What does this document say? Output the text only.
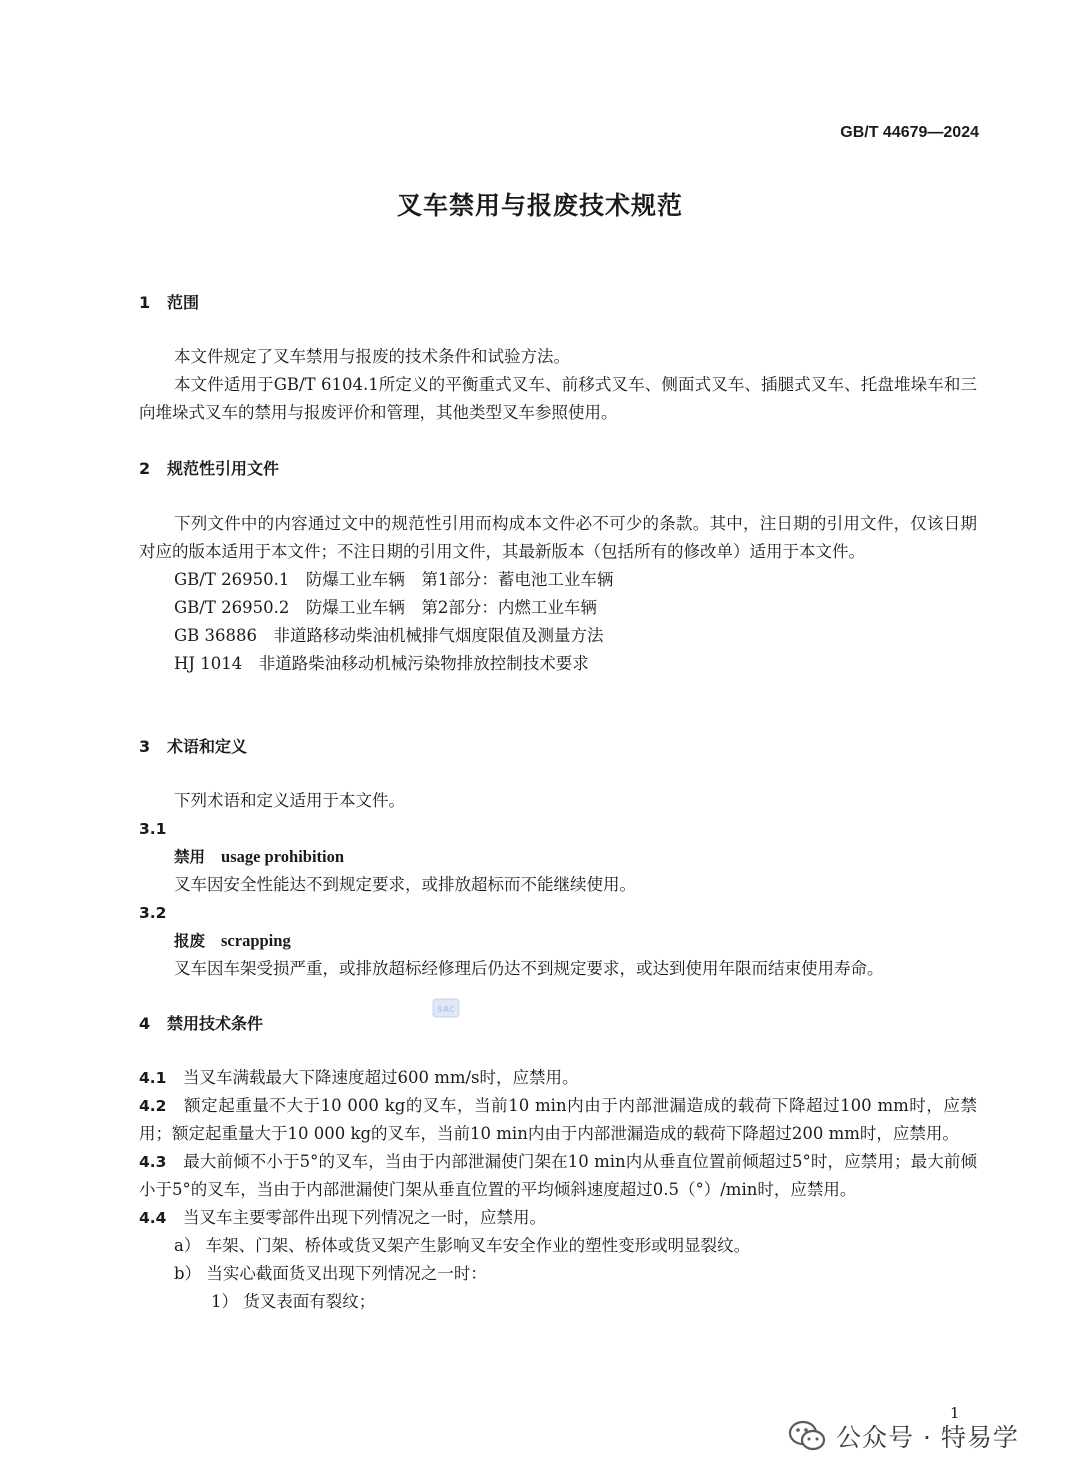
GB/T 44679—2024
叉车禁用与报废技术规范
1 范围
本文件规定了叉车禁用与报废的技术条件和试验方法。
本文件适用于GB/T 6104.1所定义的平衡重式叉车、前移式叉车、侧面式叉车、插腿式叉车、托盘堆垛车和三向堆垛式叉车的禁用与报废评价和管理，其他类型叉车参照使用。
2 规范性引用文件
下列文件中的内容通过文中的规范性引用而构成本文件必不可少的条款。其中，注日期的引用文件，仅该日期对应的版本适用于本文件；不注日期的引用文件，其最新版本（包括所有的修改单）适用于本文件。
GB/T 26950.1　防爆工业车辆　第1部分：蓄电池工业车辆
GB/T 26950.2　防爆工业车辆　第2部分：内燃工业车辆
GB 36886　非道路移动柴油机械排气烟度限值及测量方法
HJ 1014　非道路柴油移动机械污染物排放控制技术要求
3 术语和定义
下列术语和定义适用于本文件。
3.1
禁用 usage prohibition
叉车因安全性能达不到规定要求，或排放超标而不能继续使用。
3.2
报废 scrapping
叉车因车架受损严重，或排放超标经修理后仍达不到规定要求，或达到使用年限而结束使用寿命。
SAC
4 禁用技术条件
4.1　 当叉车满载最大下降速度超过600 mm/s时，应禁用。
4.2　 额定起重量不大于10 000 kg的叉车，当前10 min内由于内部泄漏造成的载荷下降超过100 mm时，应禁用；额定起重量大于10 000 kg的叉车，当前10 min内由于内部泄漏造成的载荷下降超过200 mm时，应禁用。
4.3　 最大前倾不小于5°的叉车，当由于内部泄漏使门架在10 min内从垂直位置前倾超过5°时，应禁用；最大前倾小于5°的叉车，当由于内部泄漏使门架从垂直位置的平均倾斜速度超过0.5（°）/min时，应禁用。
4.4　 当叉车主要零部件出现下列情况之一时，应禁用。
a） 车架、门架、桥体或货叉架产生影响叉车安全作业的塑性变形或明显裂纹。
b） 当实心截面货叉出现下列情况之一时：
1） 货叉表面有裂纹；
1
公众号 · 特易学
